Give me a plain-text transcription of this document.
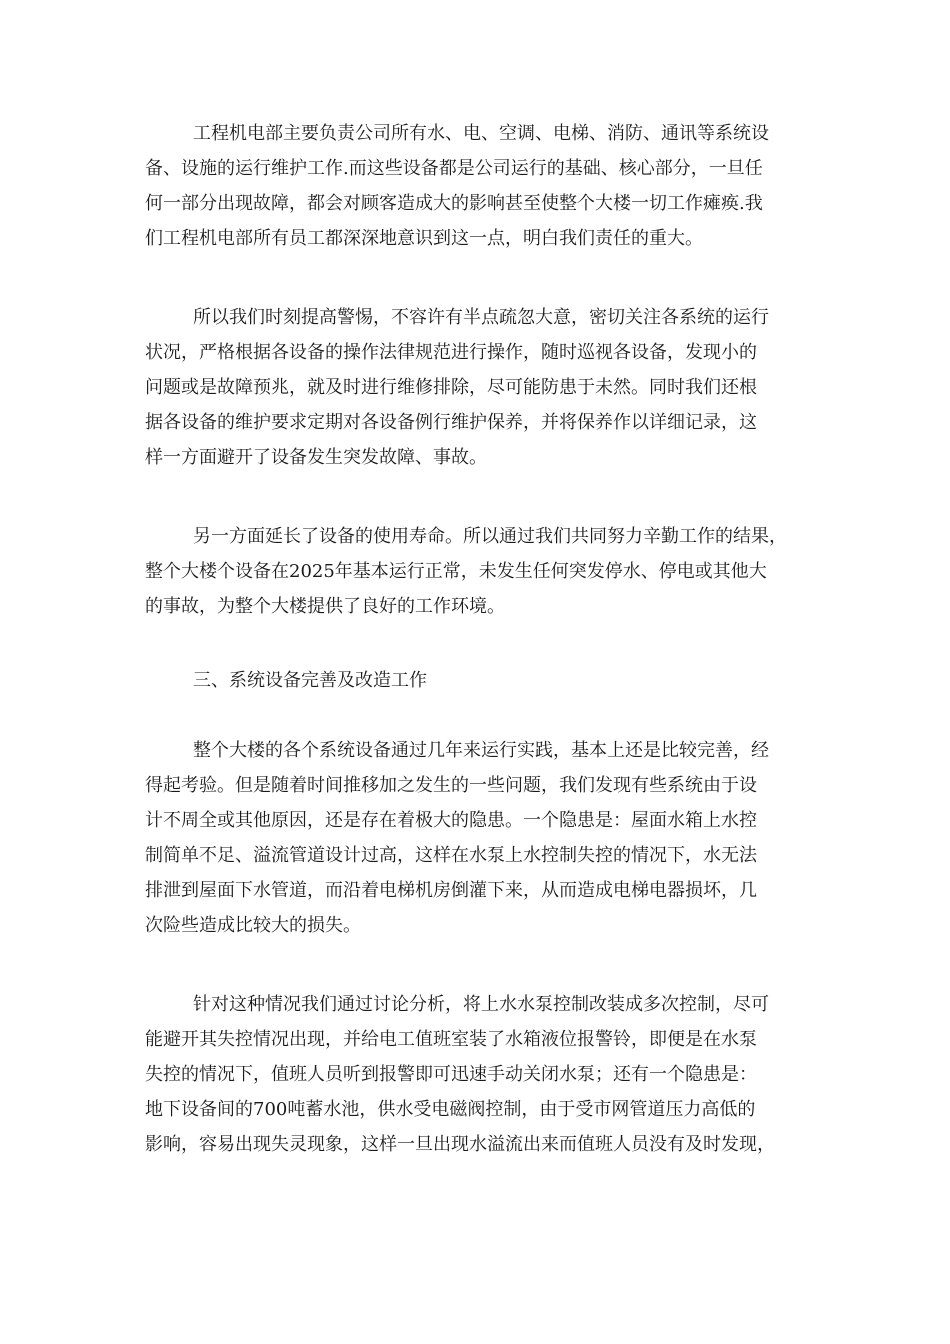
工程机电部主要负责公司所有水、电、空调、电梯、消防、通讯等系统设
备、设施的运行维护工作.而这些设备都是公司运行的基础、核心部分，一旦任
何一部分出现故障，都会对顾客造成大的影响甚至使整个大楼一切工作瘫痪.我
们工程机电部所有员工都深深地意识到这一点，明白我们责任的重大。
所以我们时刻提高警惕，不容许有半点疏忽大意，密切关注各系统的运行
状况，严格根据各设备的操作法律规范进行操作，随时巡视各设备，发现小的
问题或是故障预兆，就及时进行维修排除，尽可能防患于未然。同时我们还根
据各设备的维护要求定期对各设备例行维护保养，并将保养作以详细记录，这
样一方面避开了设备发生突发故障、事故。
另一方面延长了设备的使用寿命。所以通过我们共同努力辛勤工作的结果，
整个大楼个设备在2025年基本运行正常，未发生任何突发停水、停电或其他大
的事故，为整个大楼提供了良好的工作环境。
三、系统设备完善及改造工作
整个大楼的各个系统设备通过几年来运行实践，基本上还是比较完善，经
得起考验。但是随着时间推移加之发生的一些问题，我们发现有些系统由于设
计不周全或其他原因，还是存在着极大的隐患。一个隐患是：屋面水箱上水控
制简单不足、溢流管道设计过高，这样在水泵上水控制失控的情况下，水无法
排泄到屋面下水管道，而沿着电梯机房倒灌下来，从而造成电梯电器损坏，几
次险些造成比较大的损失。
针对这种情况我们通过讨论分析，将上水水泵控制改装成多次控制，尽可
能避开其失控情况出现，并给电工值班室装了水箱液位报警铃，即便是在水泵
失控的情况下，值班人员听到报警即可迅速手动关闭水泵；还有一个隐患是：
地下设备间的700吨蓄水池，供水受电磁阀控制，由于受市网管道压力高低的
影响，容易出现失灵现象，这样一旦出现水溢流出来而值班人员没有及时发现，
